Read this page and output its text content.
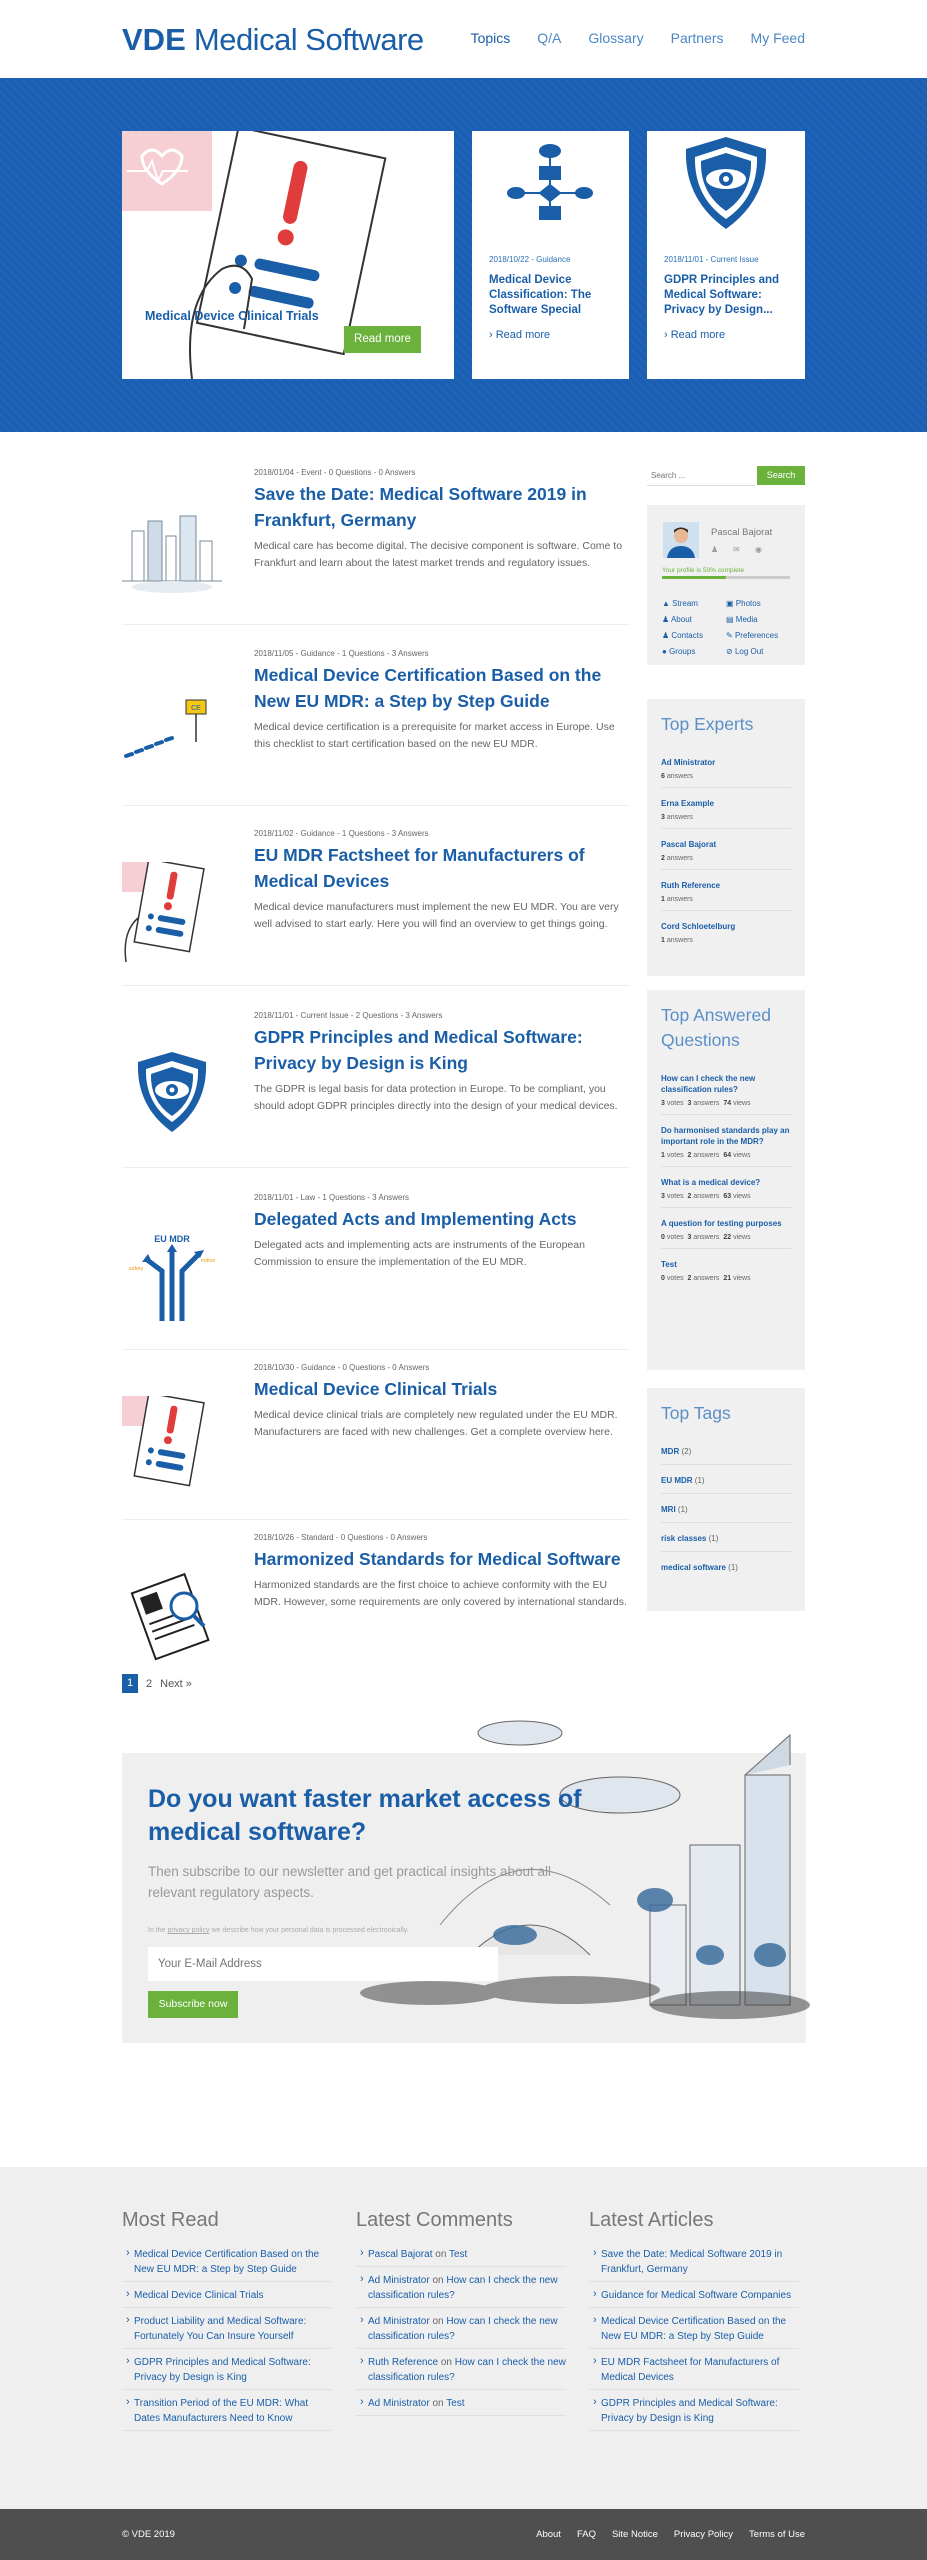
VDE Medical Software	Topics Q/A Glossary Partners My Feed
Medical Device Clinical Trials
Read more
2018/10/22 - Guidance
Medical Device Classification: The Software Special
› Read more
2018/11/01 - Current Issue
GDPR Principles and Medical Software: Privacy by Design...
› Read more
2018/01/04 - Event - 0 Questions - 0 Answers
Save the Date: Medical Software 2019 in Frankfurt, Germany

Medical care has become digital. The decisive component is software. Come to Frankfurt and learn about the latest market trends and regulatory issues.

CE
2018/11/05 - Guidance - 1 Questions - 3 Answers
Medical Device Certification Based on the New EU MDR: a Step by Step Guide

Medical device certification is a prerequisite for market access in Europe. Use this checklist to start certification based on the new EU MDR.

2018/11/02 - Guidance - 1 Questions - 3 Answers
EU MDR Factsheet for Manufacturers of Medical Devices

Medical device manufacturers must implement the new EU MDR. You are very well advised to start early. Here you will find an overview to get things going.

2018/11/01 - Current Issue - 2 Questions - 3 Answers
GDPR Principles and Medical Software: Privacy by Design is King

The GDPR is legal basis for data protection in Europe. To be compliant, you should adopt GDPR principles directly into the design of your medical devices.

EU MDR
safety
notice
2018/11/01 - Law - 1 Questions - 3 Answers
Delegated Acts and Implementing Acts

Delegated acts and implementing acts are instruments of the European Commission to ensure the implementation of the EU MDR.

2018/10/30 - Guidance - 0 Questions - 0 Answers
Medical Device Clinical Trials

Medical device clinical trials are completely new regulated under the EU MDR. Manufacturers are faced with new challenges. Get a complete overview here.

2018/10/26 - Standard - 0 Questions - 0 Answers
Harmonized Standards for Medical Software

Harmonized standards are the first choice to achieve conformity with the EU MDR. However, some requirements are only covered by international standards.

1	2 Next »
Search ...
Search
Pascal Bajorat
♟ ✉ ◉
Your profile is 50% complete
▲ Stream	▣ Photos
♟ About	▤ Media
♟ Contacts	✎ Preferences
● Groups	⊘ Log Out
Top Experts
Ad Ministrator
6 answers
Erna Example
3 answers
Pascal Bajorat
2 answers
Ruth Reference
1 answers
Cord Schloetelburg
1 answers
Top Answered Questions
How can I check the new classification rules?
3 votes 3 answers 74 views
Do harmonised standards play an important role in the MDR?
1 votes 2 answers 64 views
What is a medical device?
3 votes 2 answers 63 views
A question for testing purposes
0 votes 3 answers 22 views
Test
0 votes 2 answers 21 views
Top Tags
MDR (2)
EU MDR (1)
MRI (1)
risk classes (1)
medical software (1)
Do you want faster market access of medical software?
Then subscribe to our newsletter and get practical insights about all relevant regulatory aspects.
In the privacy policy we describe how your personal data is processed electronically.
Your E-Mail Address
Subscribe now
Most Read
› Medical Device Certification Based on the New EU MDR: a Step by Step Guide
› Medical Device Clinical Trials
› Product Liability and Medical Software: Fortunately You Can Insure Yourself
› GDPR Principles and Medical Software: Privacy by Design is King
› Transition Period of the EU MDR: What Dates Manufacturers Need to Know
Latest Comments
› Pascal Bajorat on Test
› Ad Ministrator on How can I check the new classification rules?
› Ad Ministrator on How can I check the new classification rules?
› Ruth Reference on How can I check the new classification rules?
› Ad Ministrator on Test
Latest Articles
› Save the Date: Medical Software 2019 in Frankfurt, Germany
› Guidance for Medical Software Companies
› Medical Device Certification Based on the New EU MDR: a Step by Step Guide
› EU MDR Factsheet for Manufacturers of Medical Devices
› GDPR Principles and Medical Software: Privacy by Design is King
© VDE 2019	About FAQ Site Notice Privacy Policy Terms of Use
